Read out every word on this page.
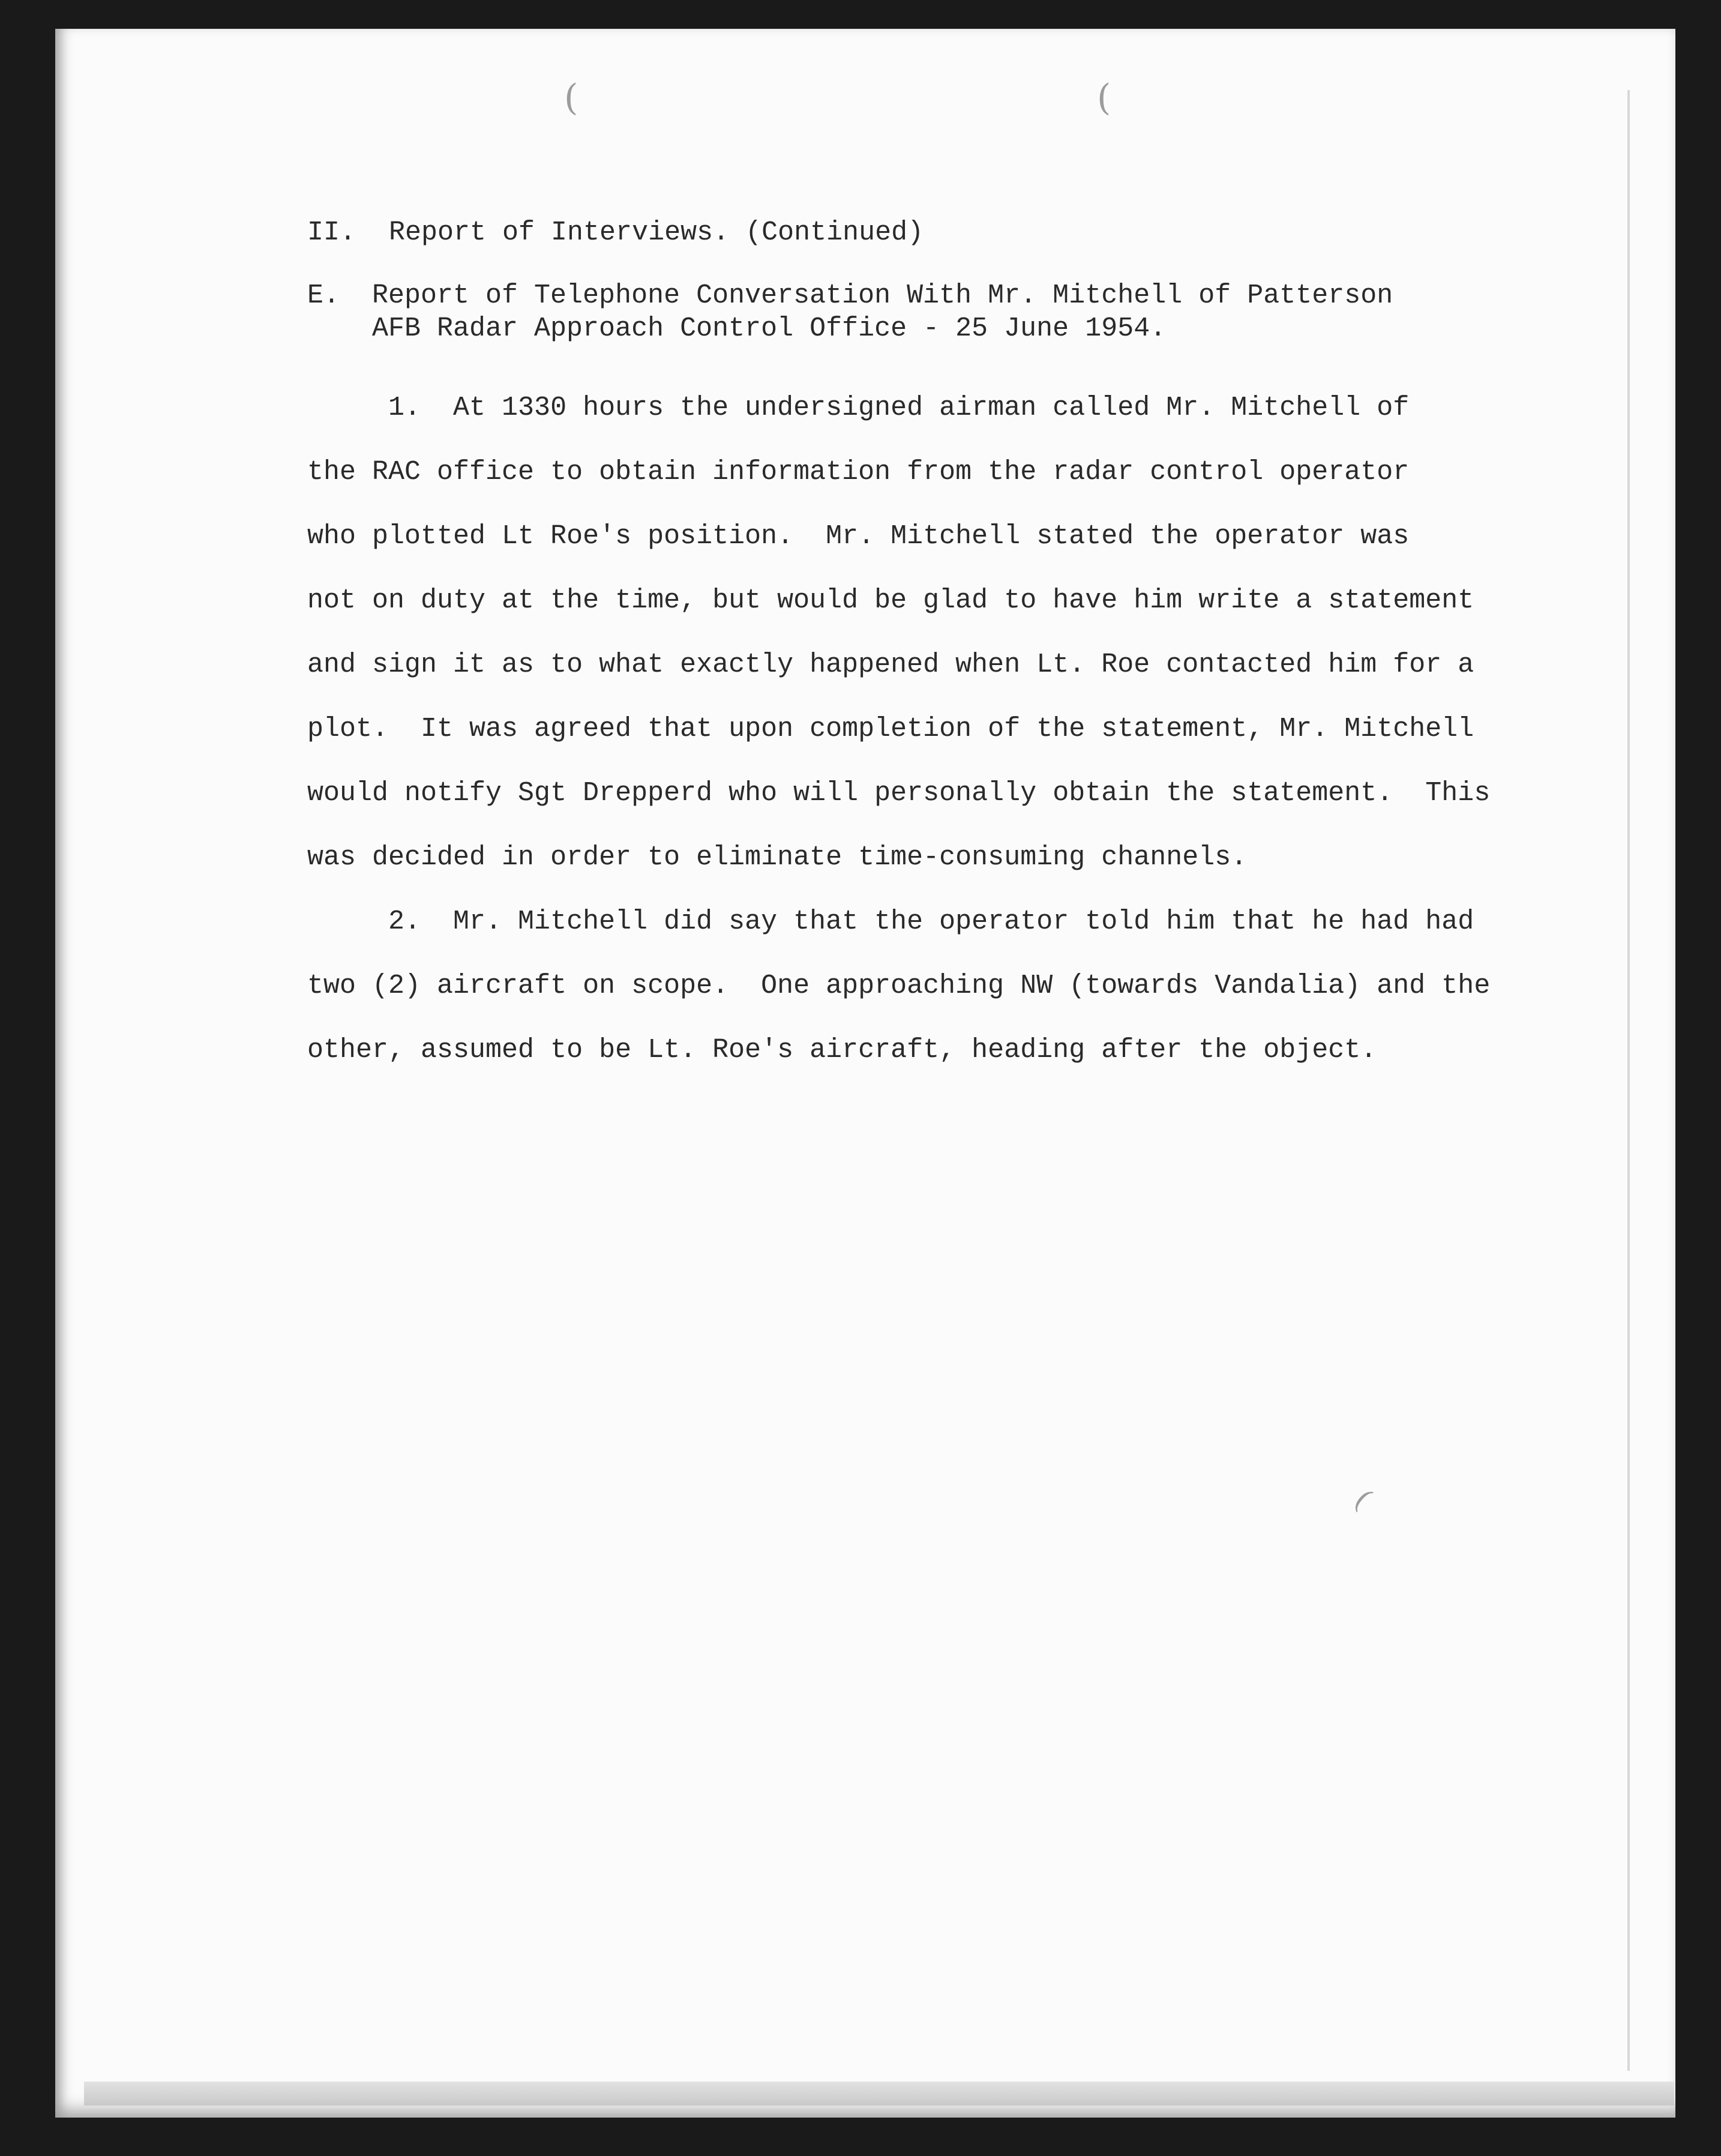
(	(
(
II. Report of Interviews. (Continued)
E. Report of Telephone Conversation With Mr. Mitchell of Patterson
AFB Radar Approach Control Office - 25 June 1954.
1.  At 1330 hours the undersigned airman called Mr. Mitchell of
the RAC office to obtain information from the radar control operator
who plotted Lt Roe's position.  Mr. Mitchell stated the operator was
not on duty at the time, but would be glad to have him write a statement
and sign it as to what exactly happened when Lt. Roe contacted him for a
plot.  It was agreed that upon completion of the statement, Mr. Mitchell
would notify Sgt Drepperd who will personally obtain the statement.  This
was decided in order to eliminate time-consuming channels.
2.  Mr. Mitchell did say that the operator told him that he had had
two (2) aircraft on scope.  One approaching NW (towards Vandalia) and the
other, assumed to be Lt. Roe's aircraft, heading after the object.
